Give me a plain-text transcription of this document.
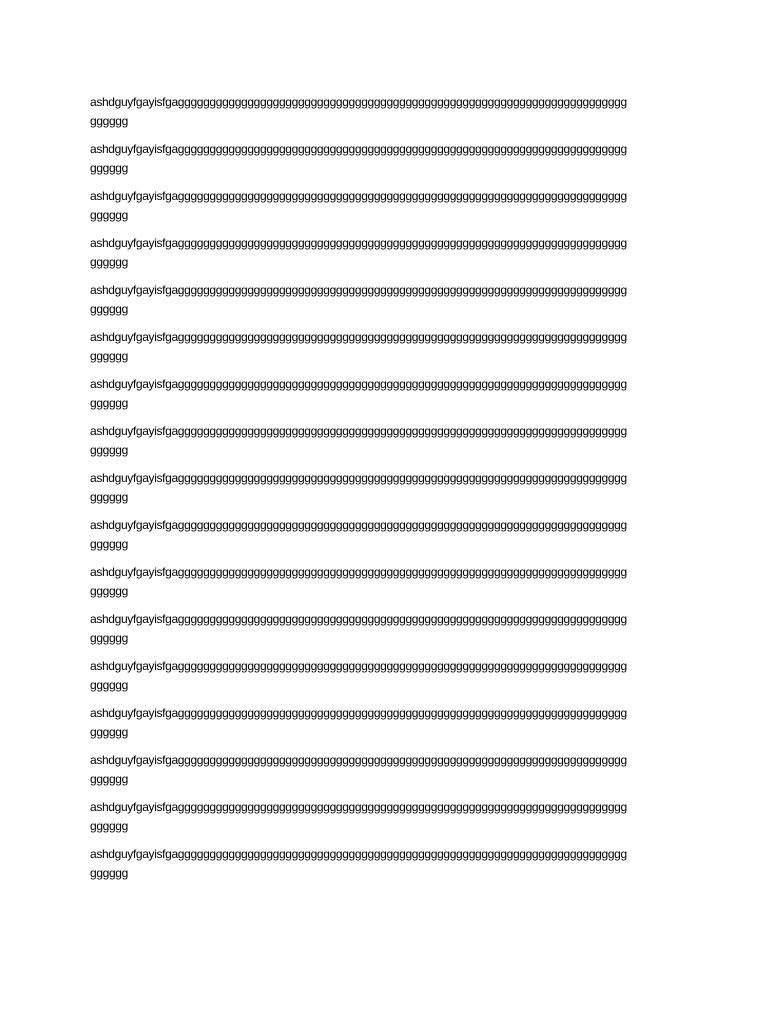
ashdguyfgayisfgaggggggggggggggggggggggggggggggggggggggggggggggggggggggggggggggggggggggg
gggggg

ashdguyfgayisfgaggggggggggggggggggggggggggggggggggggggggggggggggggggggggggggggggggggggg
gggggg

ashdguyfgayisfgaggggggggggggggggggggggggggggggggggggggggggggggggggggggggggggggggggggggg
gggggg

ashdguyfgayisfgaggggggggggggggggggggggggggggggggggggggggggggggggggggggggggggggggggggggg
gggggg

ashdguyfgayisfgaggggggggggggggggggggggggggggggggggggggggggggggggggggggggggggggggggggggg
gggggg

ashdguyfgayisfgaggggggggggggggggggggggggggggggggggggggggggggggggggggggggggggggggggggggg
gggggg

ashdguyfgayisfgaggggggggggggggggggggggggggggggggggggggggggggggggggggggggggggggggggggggg
gggggg

ashdguyfgayisfgaggggggggggggggggggggggggggggggggggggggggggggggggggggggggggggggggggggggg
gggggg

ashdguyfgayisfgaggggggggggggggggggggggggggggggggggggggggggggggggggggggggggggggggggggggg
gggggg

ashdguyfgayisfgaggggggggggggggggggggggggggggggggggggggggggggggggggggggggggggggggggggggg
gggggg

ashdguyfgayisfgaggggggggggggggggggggggggggggggggggggggggggggggggggggggggggggggggggggggg
gggggg

ashdguyfgayisfgaggggggggggggggggggggggggggggggggggggggggggggggggggggggggggggggggggggggg
gggggg

ashdguyfgayisfgaggggggggggggggggggggggggggggggggggggggggggggggggggggggggggggggggggggggg
gggggg

ashdguyfgayisfgaggggggggggggggggggggggggggggggggggggggggggggggggggggggggggggggggggggggg
gggggg

ashdguyfgayisfgaggggggggggggggggggggggggggggggggggggggggggggggggggggggggggggggggggggggg
gggggg

ashdguyfgayisfgaggggggggggggggggggggggggggggggggggggggggggggggggggggggggggggggggggggggg
gggggg

ashdguyfgayisfgaggggggggggggggggggggggggggggggggggggggggggggggggggggggggggggggggggggggg
gggggg
